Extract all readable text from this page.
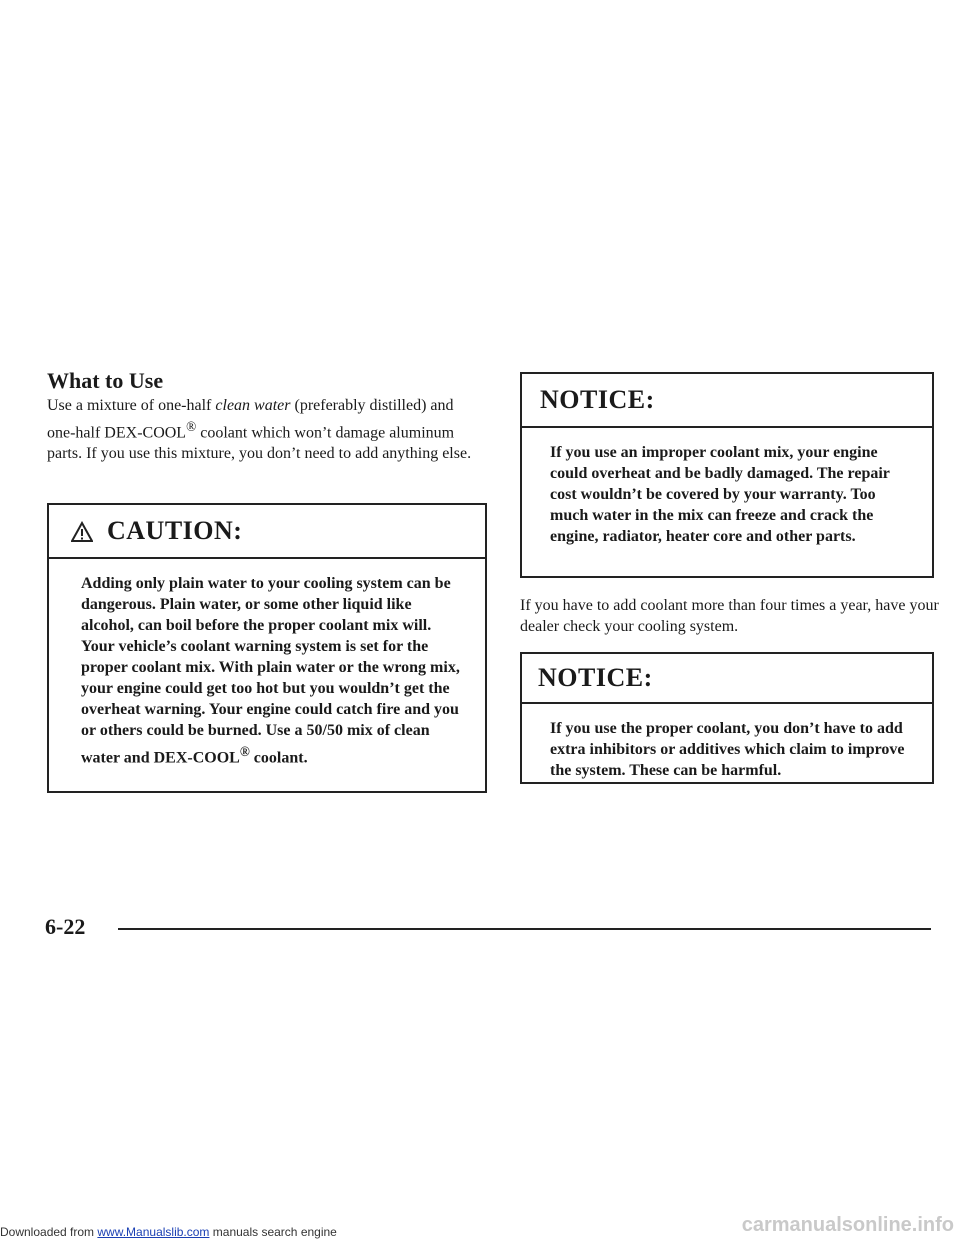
What to Use

Use a mixture of one-half clean water (preferably distilled) and one-half DEX-COOL® coolant which won’t damage aluminum parts. If you use this mixture, you don’t need to add anything else.

CAUTION:
Adding only plain water to your cooling system can be dangerous. Plain water, or some other liquid like alcohol, can boil before the proper coolant mix will. Your vehicle’s coolant warning system is set for the proper coolant mix. With plain water or the wrong mix, your engine could get too hot but you wouldn’t get the overheat warning. Your engine could catch fire and you or others could be burned. Use a 50/50 mix of clean water and DEX-COOL® coolant.
NOTICE:
If you use an improper coolant mix, your engine could overheat and be badly damaged. The repair cost wouldn’t be covered by your warranty. Too much water in the mix can freeze and crack the engine, radiator, heater core and other parts.

If you have to add coolant more than four times a year, have your dealer check your cooling system.

NOTICE:
If you use the proper coolant, you don’t have to add extra inhibitors or additives which claim to improve the system. These can be harmful.
6-22
Downloaded from www.Manualslib.com manuals search engine	carmanualsonline.info
